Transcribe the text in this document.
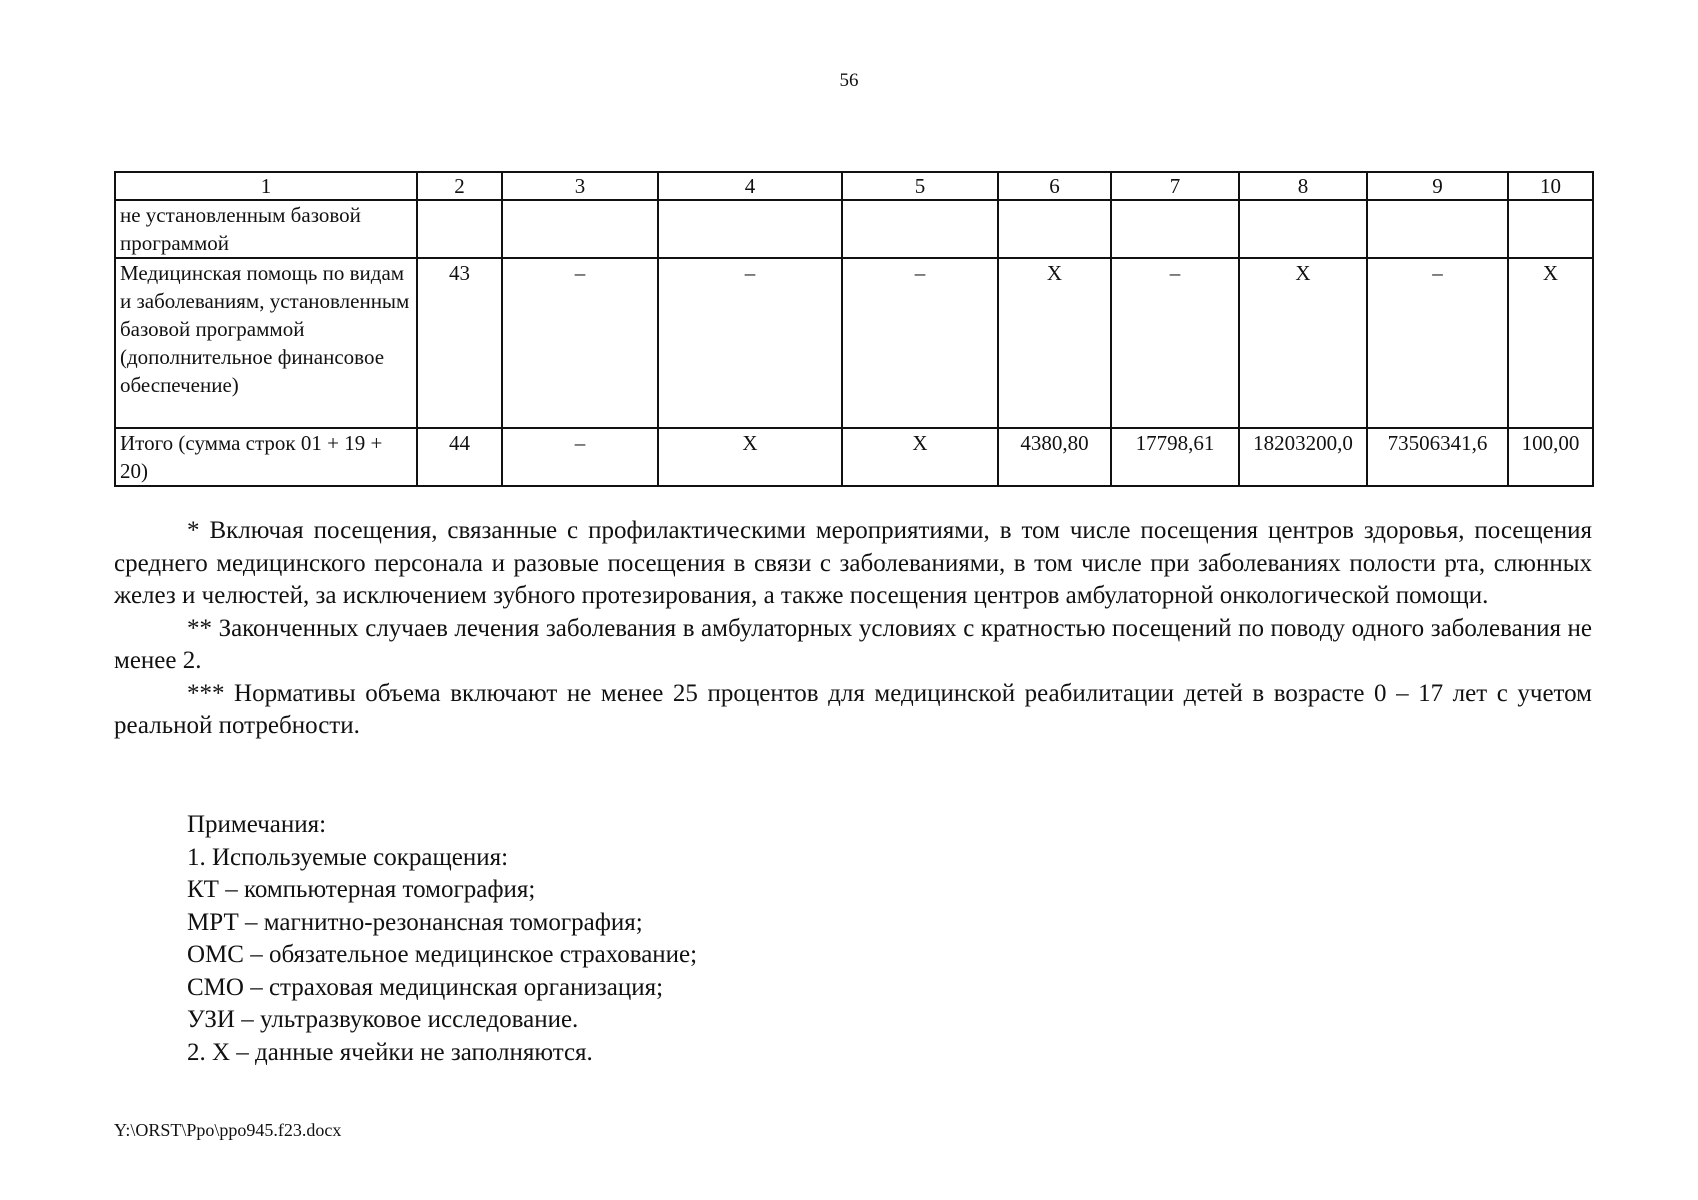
56
1	2	3	4	5	6	7	8	9	10
не установленным базовой программой									
Медицинская помощь по видам и заболеваниям, установленным базовой программой (дополнительное финансовое обеспечение)	43	–	–	–	Х	–	Х	–	Х
Итого (сумма строк 01 + 19 + 20)	44	–	Х	Х	4380,80	17798,61	18203200,0	73506341,6	100,00

* Включая посещения, связанные с профилактическими мероприятиями, в том числе посещения центров здоровья, посещения среднего медицинского персонала и разовые посещения в связи с заболеваниями, в том числе при заболеваниях полости рта, слюнных желез и челюстей, за исключением зубного протезирования, а также посещения центров амбулаторной онкологической помощи.

** Законченных случаев лечения заболевания в амбулаторных условиях с кратностью посещений по поводу одного заболевания не менее 2.

*** Нормативы объема включают не менее 25 процентов для медицинской реабилитации детей в возрасте 0 – 17 лет с учетом реальной потребности.

Примечания:
1. Используемые сокращения:
КТ – компьютерная томография;
МРТ – магнитно-резонансная томография;
ОМС – обязательное медицинское страхование;
СМО – страховая медицинская организация;
УЗИ – ультразвуковое исследование.
2. Х – данные ячейки не заполняются.
Y:\ORST\Ppo\ppo945.f23.docx
